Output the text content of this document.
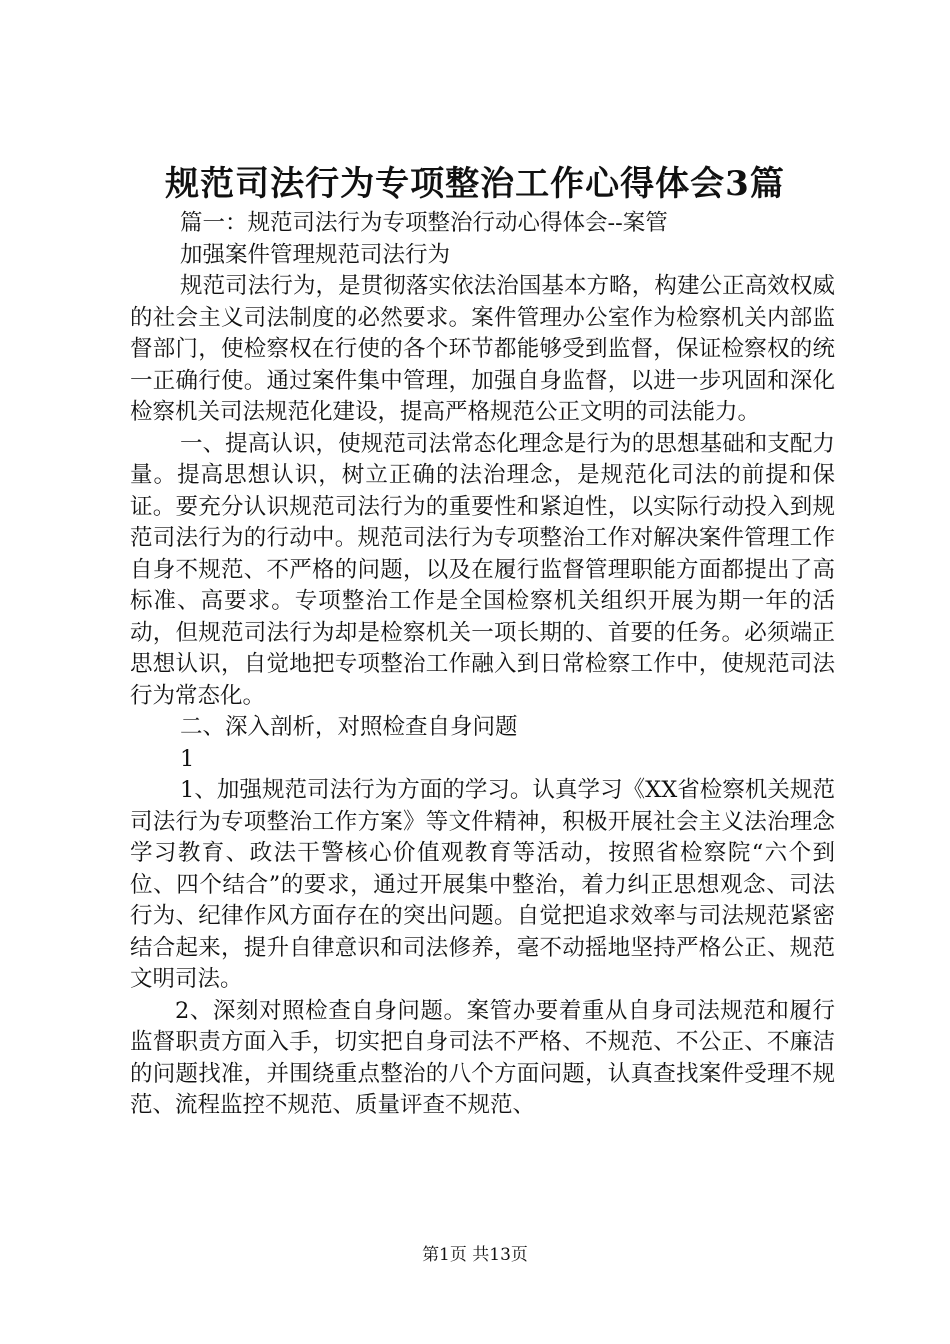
规范司法行为专项整治工作心得体会3篇

篇一：规范司法行为专项整治行动心得体会--案管

加强案件管理规范司法行为

规范司法行为，是贯彻落实依法治国基本方略，构建公正高效权威的社会主义司法制度的必然要求。案件管理办公室作为检察机关内部监督部门，使检察权在行使的各个环节都能够受到监督，保证检察权的统一正确行使。通过案件集中管理，加强自身监督，以进一步巩固和深化检察机关司法规范化建设，提高严格规范公正文明的司法能力。

一、提高认识，使规范司法常态化理念是行为的思想基础和支配力量。提高思想认识，树立正确的法治理念，是规范化司法的前提和保证。要充分认识规范司法行为的重要性和紧迫性，以实际行动投入到规范司法行为的行动中。规范司法行为专项整治工作对解决案件管理工作自身不规范、不严格的问题，以及在履行监督管理职能方面都提出了高标准、高要求。专项整治工作是全国检察机关组织开展为期一年的活动，但规范司法行为却是检察机关一项长期的、首要的任务。必须端正思想认识，自觉地把专项整治工作融入到日常检察工作中，使规范司法行为常态化。

二、深入剖析，对照检查自身问题

1

1、加强规范司法行为方面的学习。认真学习《XX省检察机关规范司法行为专项整治工作方案》等文件精神，积极开展社会主义法治理念学习教育、政法干警核心价值观教育等活动，按照省检察院“六个到位、四个结合”的要求，通过开展集中整治，着力纠正思想观念、司法行为、纪律作风方面存在的突出问题。自觉把追求效率与司法规范紧密结合起来，提升自律意识和司法修养，毫不动摇地坚持严格公正、规范文明司法。

2、深刻对照检查自身问题。案管办要着重从自身司法规范和履行监督职责方面入手，切实把自身司法不严格、不规范、不公正、不廉洁的问题找准，并围绕重点整治的八个方面问题，认真查找案件受理不规范、流程监控不规范、质量评查不规范、

第1页 共13页
